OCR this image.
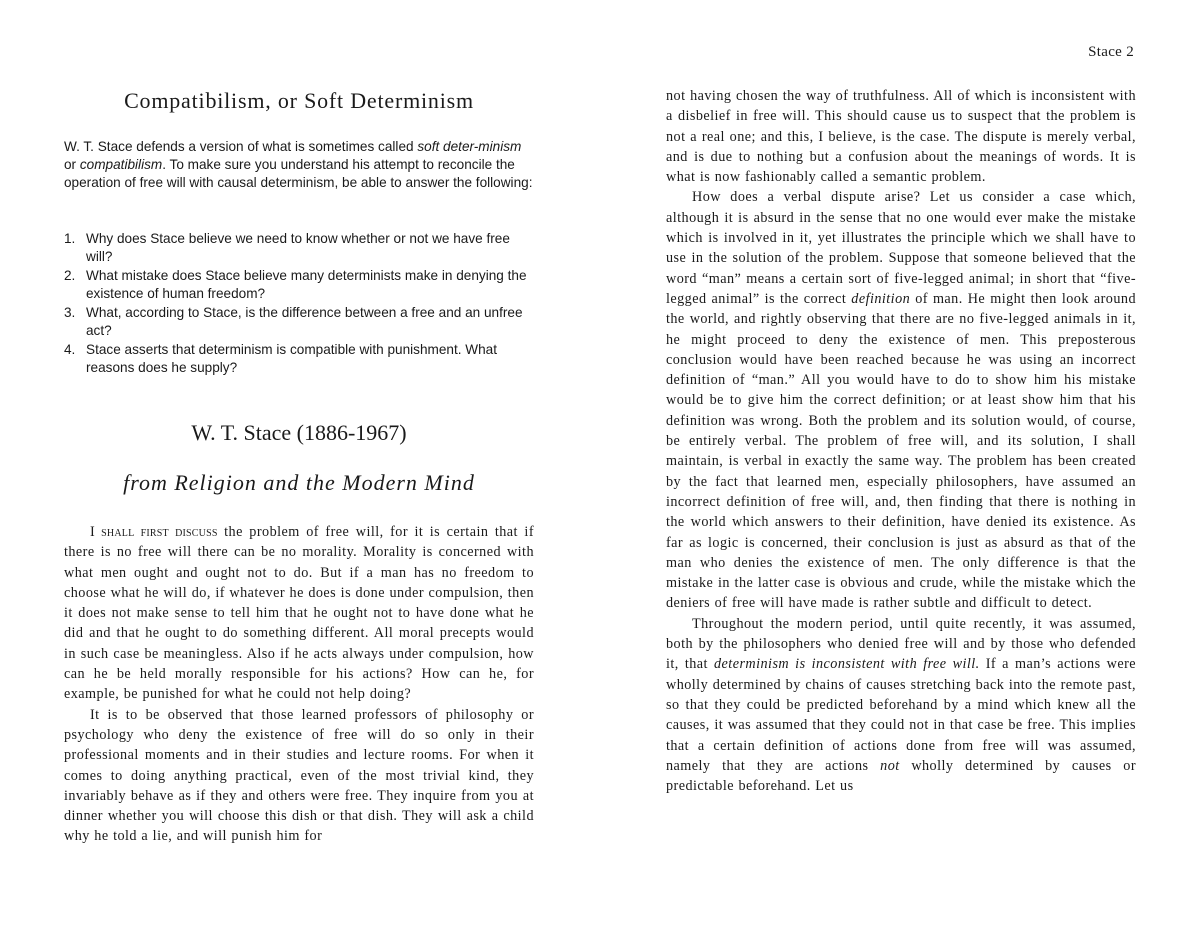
Stace 2
Compatibilism, or Soft Determinism

W. T. Stace defends a version of what is sometimes called soft deter-minism or compatibilism. To make sure you understand his attempt to reconcile the operation of free will with causal determinism, be able to answer the following:

1. Why does Stace believe we need to know whether or not we have free will?
2. What mistake does Stace believe many determinists make in denying the existence of human freedom?
3. What, according to Stace, is the difference between a free and an unfree act?
4. Stace asserts that determinism is compatible with punishment. What reasons does he supply?
W. T. Stace (1886-1967)
from Religion and the Modern Mind

I shall first discuss the problem of free will, for it is certain that if there is no free will there can be no morality. Morality is concerned with what men ought and ought not to do. But if a man has no freedom to choose what he will do, if whatever he does is done under compulsion, then it does not make sense to tell him that he ought not to have done what he did and that he ought to do something different. All moral precepts would in such case be meaningless. Also if he acts always under compulsion, how can he be held morally responsible for his actions? How can he, for example, be punished for what he could not help doing?

It is to be observed that those learned professors of philosophy or psychology who deny the existence of free will do so only in their professional moments and in their studies and lecture rooms. For when it comes to doing anything practical, even of the most trivial kind, they invariably behave as if they and others were free. They inquire from you at dinner whether you will choose this dish or that dish. They will ask a child why he told a lie, and will punish him for

not having chosen the way of truthfulness. All of which is inconsistent with a disbelief in free will. This should cause us to suspect that the problem is not a real one; and this, I believe, is the case. The dispute is merely verbal, and is due to nothing but a confusion about the meanings of words. It is what is now fashionably called a semantic problem.

How does a verbal dispute arise? Let us consider a case which, although it is absurd in the sense that no one would ever make the mistake which is involved in it, yet illustrates the principle which we shall have to use in the solution of the problem. Suppose that someone believed that the word “man” means a certain sort of five-legged animal; in short that “five-legged animal” is the correct definition of man. He might then look around the world, and rightly observing that there are no five-legged animals in it, he might proceed to deny the existence of men. This preposterous conclusion would have been reached because he was using an incorrect definition of “man.” All you would have to do to show him his mistake would be to give him the correct definition; or at least show him that his definition was wrong. Both the problem and its solution would, of course, be entirely verbal. The problem of free will, and its solution, I shall maintain, is verbal in exactly the same way. The problem has been created by the fact that learned men, especially philosophers, have assumed an incorrect definition of free will, and, then finding that there is nothing in the world which answers to their definition, have denied its existence. As far as logic is concerned, their conclusion is just as absurd as that of the man who denies the existence of men. The only difference is that the mistake in the latter case is obvious and crude, while the mistake which the deniers of free will have made is rather subtle and difficult to detect.

Throughout the modern period, until quite recently, it was assumed, both by the philosophers who denied free will and by those who defended it, that determinism is inconsistent with free will. If a man’s actions were wholly determined by chains of causes stretching back into the remote past, so that they could be predicted beforehand by a mind which knew all the causes, it was assumed that they could not in that case be free. This implies that a certain definition of actions done from free will was assumed, namely that they are actions not wholly determined by causes or predictable beforehand. Let us
